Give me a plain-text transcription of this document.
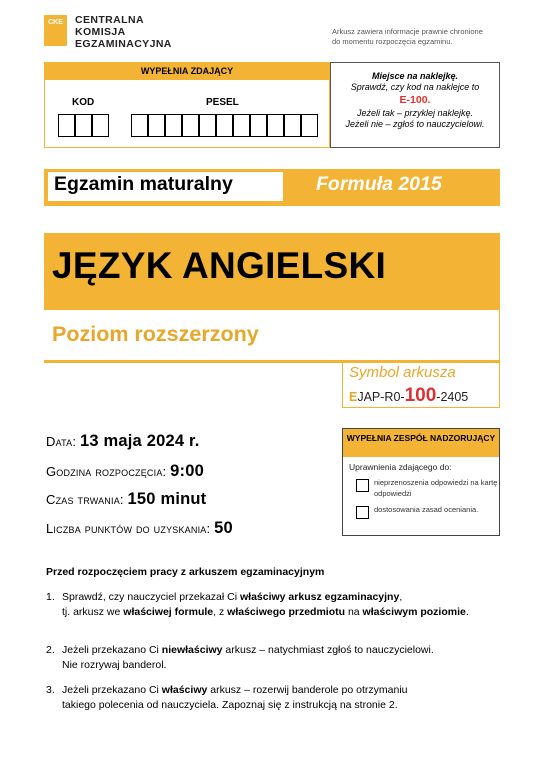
CKE	CENTRALNA
KOMISJA
EGZAMINACYJNA
Arkusz zawiera informacje prawnie chronione
do momentu rozpoczęcia egzaminu.
WYPEŁNIA ZDAJĄCY
KOD	PESEL
Miejsce na naklejkę.
Sprawdź, czy kod na naklejce to
E-100.
Jeżeli tak – przyklej naklejkę.
Jeżeli nie – zgłoś to nauczycielowi.
Egzamin maturalny	Formuła 2015
JĘZYK ANGIELSKI
Poziom rozszerzony
Symbol arkusza
EJAP-R0-100-2405
Data: 13 maja 2024 r.
Godzina rozpoczęcia: 9:00
Czas trwania: 150 minut
Liczba punktów do uzyskania: 50
WYPEŁNIA ZESPÓŁ NADZORUJĄCY
Uprawnienia zdającego do:
nieprzenoszenia odpowiedzi na kartę odpowiedzi
dostosowania zasad oceniania.
Przed rozpoczęciem pracy z arkuszem egzaminacyjnym
1. Sprawdź, czy nauczyciel przekazał Ci właściwy arkusz egzaminacyjny,
tj. arkusz we właściwej formule, z właściwego przedmiotu na właściwym poziomie.
2. Jeżeli przekazano Ci niewłaściwy arkusz – natychmiast zgłoś to nauczycielowi.
Nie rozrywaj banderol.
3. Jeżeli przekazano Ci właściwy arkusz – rozerwij banderole po otrzymaniu
takiego polecenia od nauczyciela. Zapoznaj się z instrukcją na stronie 2.
